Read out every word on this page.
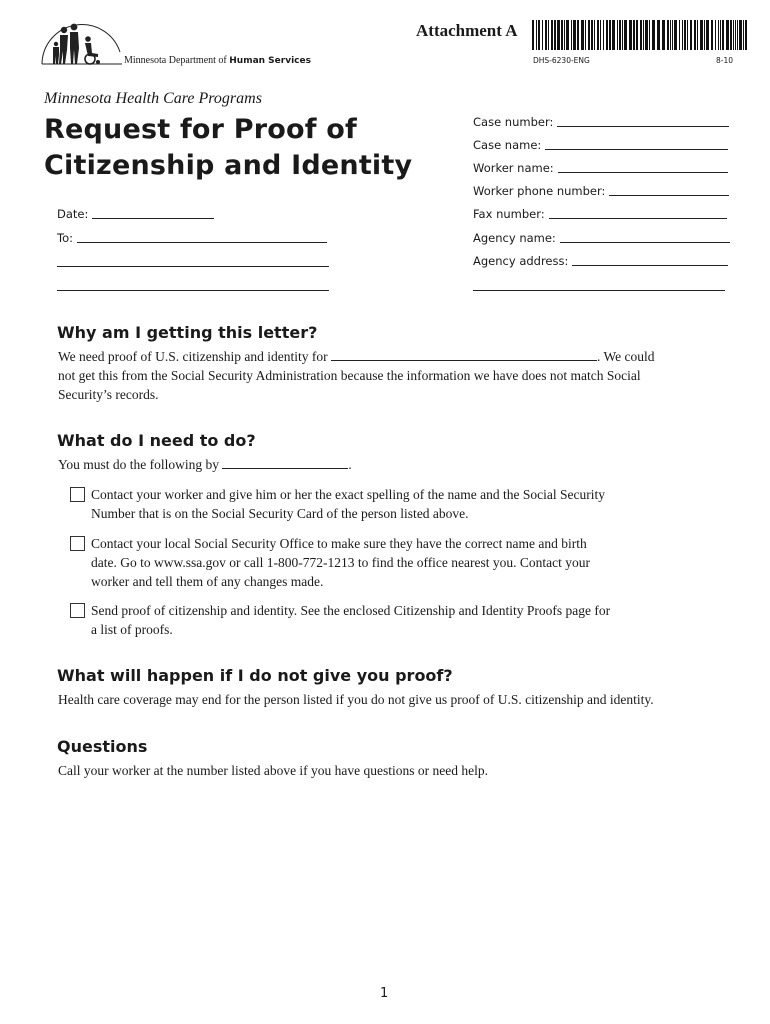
Minnesota Department of Human Services
Attachment A
DHS-6230-ENG	8-10
Minnesota Health Care Programs
Request for Proof of
Citizenship and Identity
Date:
To:
Case number:
Case name:
Worker name:
Worker phone number:
Fax number:
Agency name:
Agency address:
Why am I getting this letter?
We need proof of U.S. citizenship and identity for	. We could
not get this from the Social Security Administration because the information we have does not match Social
Security’s records.
What do I need to do?
You must do the following by	.
Contact your worker and give him or her the exact spelling of the name and the Social Security
Number that is on the Social Security Card of the person listed above.
Contact your local Social Security Office to make sure they have the correct name and birth
date. Go to www.ssa.gov or call 1-800-772-1213 to find the office nearest you. Contact your
worker and tell them of any changes made.
Send proof of citizenship and identity. See the enclosed Citizenship and Identity Proofs page for
a list of proofs.
What will happen if I do not give you proof?
Health care coverage may end for the person listed if you do not give us proof of U.S. citizenship and identity.
Questions
Call your worker at the number listed above if you have questions or need help.
1
